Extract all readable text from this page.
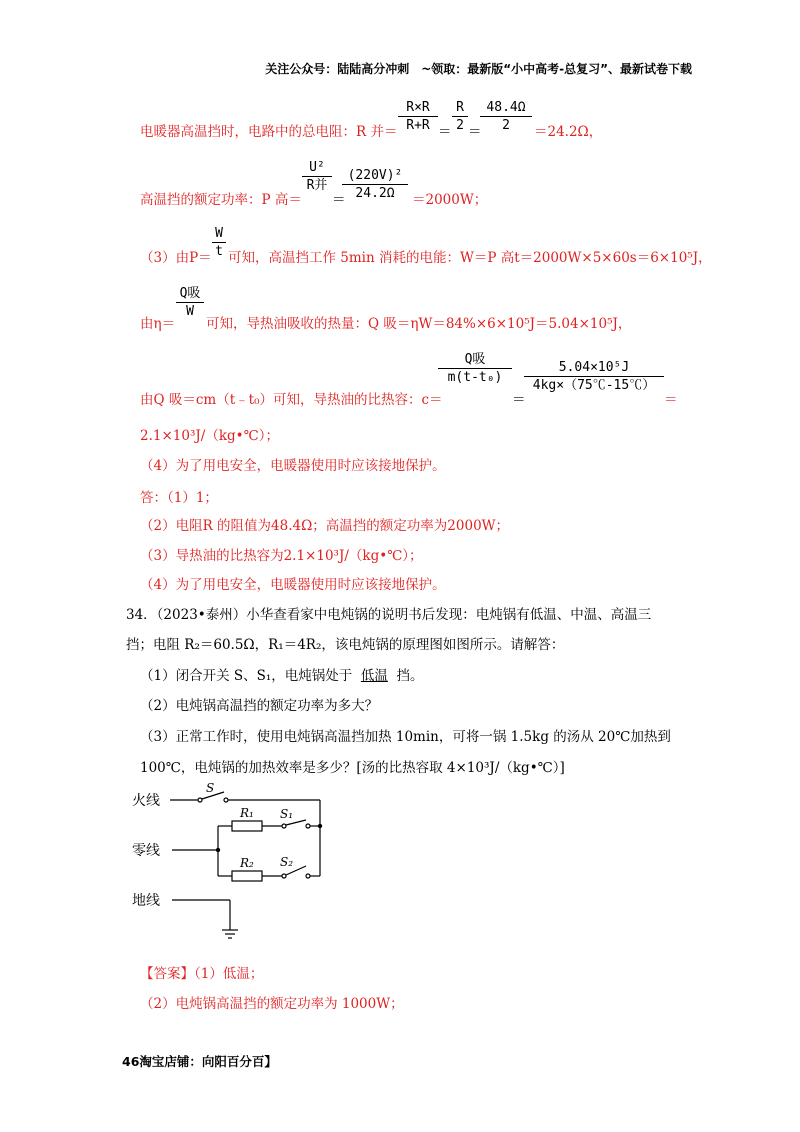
关注公众号：陆陆高分冲刺　~领取：最新版“小中高考-总复习”、最新试卷下载
电暖器高温挡时，电路中的总电阻：R 并＝
R×R
R+R ＝
R
2 ＝
48.4Ω
2	＝24.2Ω，
高温挡的额定功率：P 高＝
U²
R并
＝
(220V)²
24.2Ω	＝2000W；
（3）由P＝
W
t 可知，高温挡工作 5min 消耗的电能：W＝P 高t＝2000W×5×60s＝6×10⁵J，
由η＝
Q吸
W
可知，导热油吸收的热量：Q 吸＝ηW＝84%×6×10⁵J＝5.04×10⁵J，
由Q 吸＝cm（t﹣t₀）可知，导热油的比热容：c＝
Q吸
m(t-t₀)
＝
5.04×10⁵J
4kg×（75℃-15℃）
＝
2.1×10³J/（kg•℃）；
（4）为了用电安全，电暖器使用时应该接地保护。
答：（1）1；
（2）电阻R 的阻值为48.4Ω；高温挡的额定功率为2000W；
（3）导热油的比热容为2.1×10³J/（kg•℃）；
（4）为了用电安全，电暖器使用时应该接地保护。
34．（2023•泰州）小华查看家中电炖锅的说明书后发现：电炖锅有低温、中温、高温三
挡；电阻 R₂＝60.5Ω，R₁＝4R₂，该电炖锅的原理图如图所示。请解答：
（1）闭合开关 S、S₁，电炖锅处于 低温 挡。
（2）电炖锅高温挡的额定功率为多大？
（3）正常工作时，使用电炖锅高温挡加热 10min，可将一锅 1.5kg 的汤从 20℃加热到
100℃，电炖锅的加热效率是多少？[汤的比热容取 4×10³J/（kg•℃）]
火线
零线
地线
S
R₁ S₁
R₂ S₂
【答案】（1）低温；
（2）电炖锅高温挡的额定功率为 1000W；
46淘宝店铺：向阳百分百】
